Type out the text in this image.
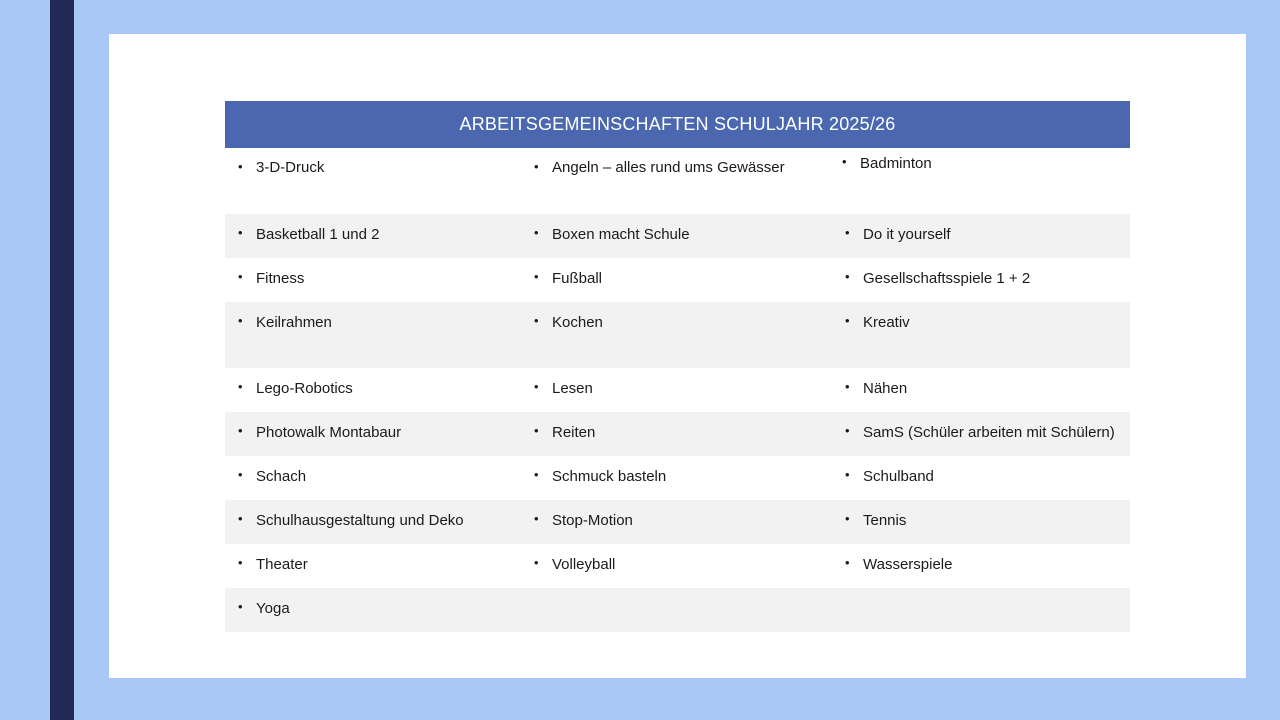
ARBEITSGEMEINSCHAFTEN SCHULJAHR 2025/26
• 3-D-Druck	• Angeln – alles rund ums Gewässer	• Badminton
• Basketball 1 und 2	• Boxen macht Schule	• Do it yourself
• Fitness	• Fußball	• Gesellschaftsspiele 1 + 2
• Keilrahmen	• Kochen	• Kreativ
• Lego-Robotics	• Lesen	• Nähen
• Photowalk Montabaur	• Reiten	• SamS (Schüler arbeiten mit Schülern)
• Schach	• Schmuck basteln	• Schulband
• Schulhausgestaltung und Deko	• Stop-Motion	• Tennis
• Theater	• Volleyball	• Wasserspiele
• Yoga
